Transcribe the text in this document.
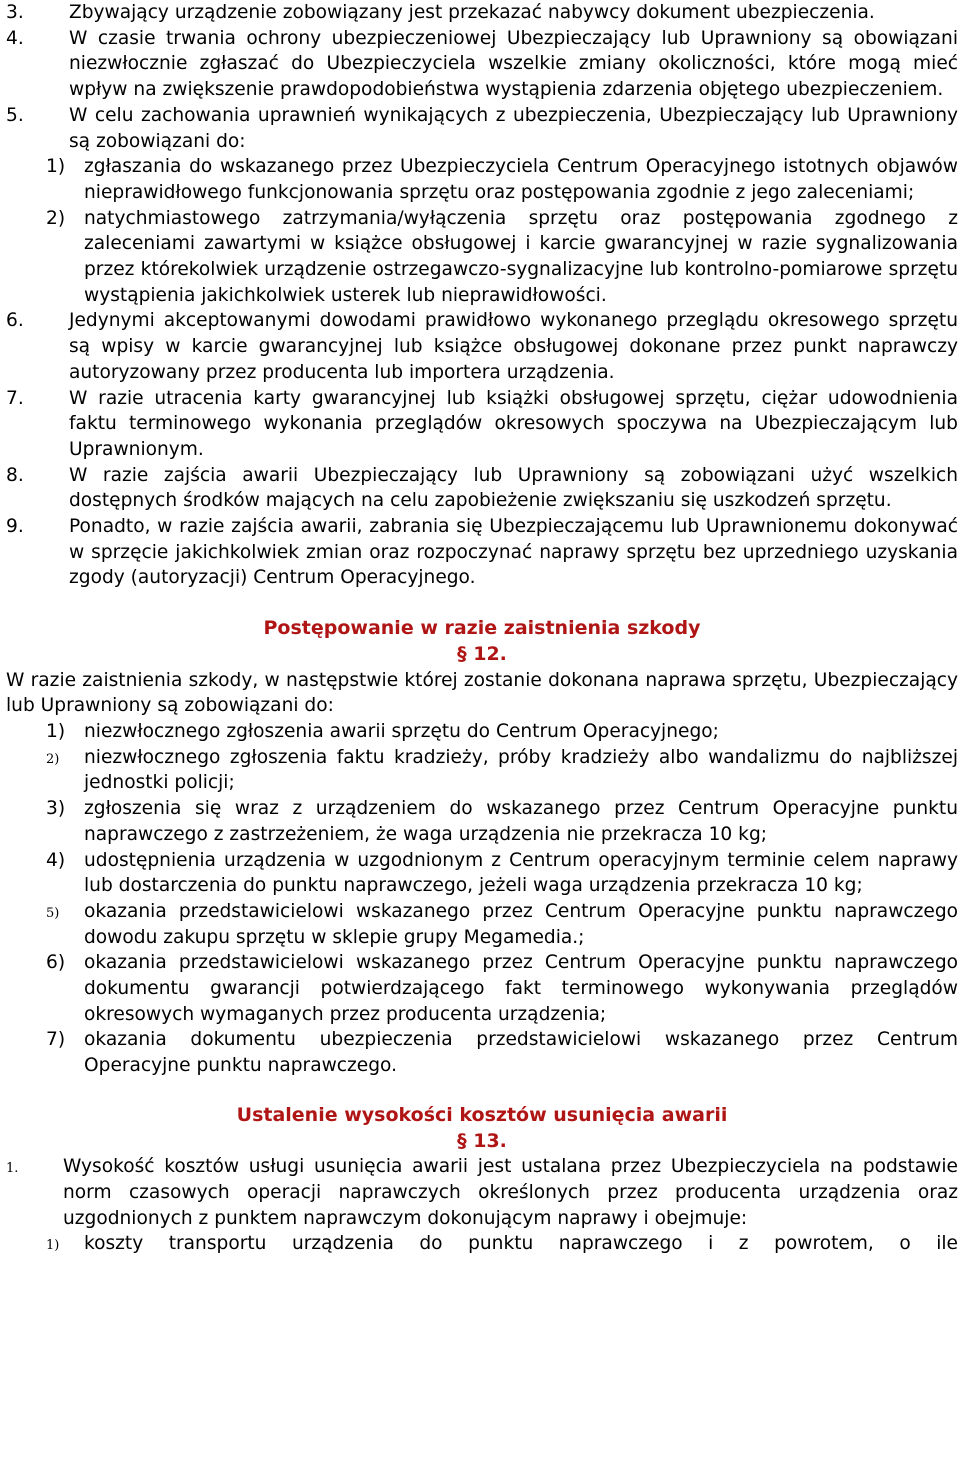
3.	Zbywający urządzenie zobowiązany jest przekazać nabywcy dokument ubezpieczenia.
4.	W czasie trwania ochrony ubezpieczeniowej Ubezpieczający lub Uprawniony są obowiązani niezwłocznie zgłaszać do Ubezpieczyciela wszelkie zmiany okoliczności, które mogą mieć wpływ na zwiększenie prawdopodobieństwa wystąpienia zdarzenia objętego ubezpieczeniem.
5.	W celu zachowania uprawnień wynikających z ubezpieczenia, Ubezpieczający lub Uprawniony są zobowiązani do:
1)	zgłaszania do wskazanego przez Ubezpieczyciela Centrum Operacyjnego istotnych objawów nieprawidłowego funkcjonowania sprzętu oraz postępowania zgodnie z jego zaleceniami;
2)	natychmiastowego zatrzymania/wyłączenia sprzętu oraz postępowania zgodnego z zaleceniami zawartymi w książce obsługowej i karcie gwarancyjnej w razie sygnalizowania przez którekolwiek urządzenie ostrzegawczo-sygnalizacyjne lub kontrolno-pomiarowe sprzętu wystąpienia jakichkolwiek usterek lub nieprawidłowości.
6.	Jedynymi akceptowanymi dowodami prawidłowo wykonanego przeglądu okresowego sprzętu są wpisy w karcie gwarancyjnej lub książce obsługowej dokonane przez punkt naprawczy autoryzowany przez producenta lub importera urządzenia.
7.	W razie utracenia karty gwarancyjnej lub książki obsługowej sprzętu, ciężar udowodnienia faktu terminowego wykonania przeglądów okresowych spoczywa na Ubezpieczającym lub Uprawnionym.
8.	W razie zajścia awarii Ubezpieczający lub Uprawniony są zobowiązani użyć wszelkich dostępnych środków mających na celu zapobieżenie zwiększaniu się uszkodzeń sprzętu.
9.	Ponadto, w razie zajścia awarii, zabrania się Ubezpieczającemu lub Uprawnionemu dokonywać w sprzęcie jakichkolwiek zmian oraz rozpoczynać naprawy sprzętu bez uprzedniego uzyskania zgody (autoryzacji) Centrum Operacyjnego.
Postępowanie w razie zaistnienia szkody
§ 12.
W razie zaistnienia szkody, w następstwie której zostanie dokonana naprawa sprzętu, Ubezpieczający lub Uprawniony są zobowiązani do:
1)	niezwłocznego zgłoszenia awarii sprzętu do Centrum Operacyjnego;
2)	niezwłocznego zgłoszenia faktu kradzieży, próby kradzieży albo wandalizmu do najbliższej jednostki policji;
3)	zgłoszenia się wraz z urządzeniem do wskazanego przez Centrum Operacyjne punktu naprawczego z zastrzeżeniem, że waga urządzenia nie przekracza 10 kg;
4)	udostępnienia urządzenia w uzgodnionym z Centrum operacyjnym terminie celem naprawy lub dostarczenia do punktu naprawczego, jeżeli waga urządzenia przekracza 10 kg;
5)	okazania przedstawicielowi wskazanego przez Centrum Operacyjne punktu naprawczego dowodu zakupu sprzętu w sklepie grupy Megamedia.;
6)	okazania przedstawicielowi wskazanego przez Centrum Operacyjne punktu naprawczego dokumentu gwarancji potwierdzającego fakt terminowego wykonywania przeglądów okresowych wymaganych przez producenta urządzenia;
7)	okazania dokumentu ubezpieczenia przedstawicielowi wskazanego przez Centrum Operacyjne punktu naprawczego.
Ustalenie wysokości kosztów usunięcia awarii
§ 13.
1.	Wysokość kosztów usługi usunięcia awarii jest ustalana przez Ubezpieczyciela na podstawie norm czasowych operacji naprawczych określonych przez producenta urządzenia oraz uzgodnionych z punktem naprawczym dokonującym naprawy i obejmuje:
1)	koszty transportu urządzenia do punktu naprawczego i z powrotem, o ile
